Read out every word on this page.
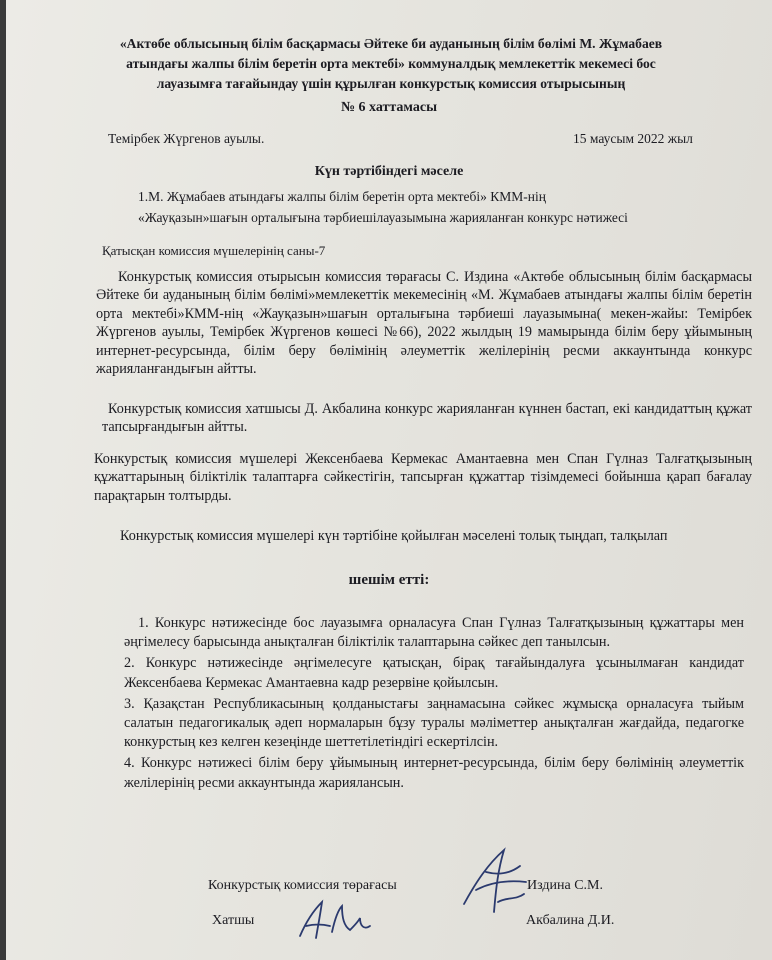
«Актөбе облысының білім басқармасы Әйтеке би ауданының білім бөлімі М. Жұмабаев
атындағы жалпы білім беретін орта мектебі» коммуналдық мемлекеттік мекемесі бос
лауазымға тағайындау үшін құрылған конкурстық комиссия отырысының
№ 6 хаттамасы
Темірбек Жүргенов ауылы.	15 маусым 2022 жыл
Күн тәртібіндегі мәселе
1.М. Жұмабаев атындағы жалпы білім беретін орта мектебі» КММ-нің
«Жауқазын»шағын орталығына тәрбиешілауазымына жарияланған конкурс нәтижесі
Қатысқан комиссия мүшелерінің саны-7
Конкурстық комиссия отырысын комиссия төрағасы С. Издина «Актөбе облысының білім басқармасы Әйтеке би ауданының білім бөлімі»мемлекеттік мекемесінің «М. Жұмабаев атындағы жалпы білім беретін орта мектебі»КММ-нің «Жауқазын»шағын орталығына тәрбиеші лауазымына( мекен-жайы: Темірбек Жүргенов ауылы, Темірбек Жүргенов көшесі №66), 2022 жылдың 19 мамырында білім беру ұйымының интернет-ресурсында, білім беру бөлімінің әлеуметтік желілерінің ресми аккаунтында конкурс жарияланғандығын айтты.
Конкурстық комиссия хатшысы Д. Акбалина конкурс жарияланған күннен бастап, екі кандидаттың құжат тапсырғандығын айтты.
Конкурстық комиссия мүшелері Жексенбаева Кермекас Амантаевна мен Спан Гүлназ Талғатқызының құжаттарының біліктілік талаптарға сәйкестігін, тапсырған құжаттар тізімдемесі бойынша қарап бағалау парақтарын толтырды.
Конкурстық комиссия мүшелері күн тәртібіне қойылған мәселені толық тыңдап, талқылап
шешім етті:

1. Конкурс нәтижесінде бос лауазымға орналасуға Спан Гүлназ Талғатқызының құжаттары мен әңгімелесу барысында анықталған біліктілік талаптарына сәйкес деп танылсын.

2. Конкурс нәтижесінде әңгімелесуге қатысқан, бірақ тағайындалуға ұсынылмаған кандидат Жексенбаева Кермекас Амантаевна кадр резервіне қойылсын.

3. Қазақстан Республикасының қолданыстағы заңнамасына сәйкес жұмысқа орналасуға тыйым салатын педагогикалық әдеп нормаларын бұзу туралы мәліметтер анықталған жағдайда, педагогке конкурстың кез келген кезеңінде шеттетілетіндігі ескертілсін.

4. Конкурс нәтижесі білім беру ұйымының интернет-ресурсында, білім беру бөлімінің әлеуметтік желілерінің ресми аккаунтында жариялансын.

Конкурстық комиссия төрағасы	Издина С.М.
Хатшы	Акбалина Д.И.
